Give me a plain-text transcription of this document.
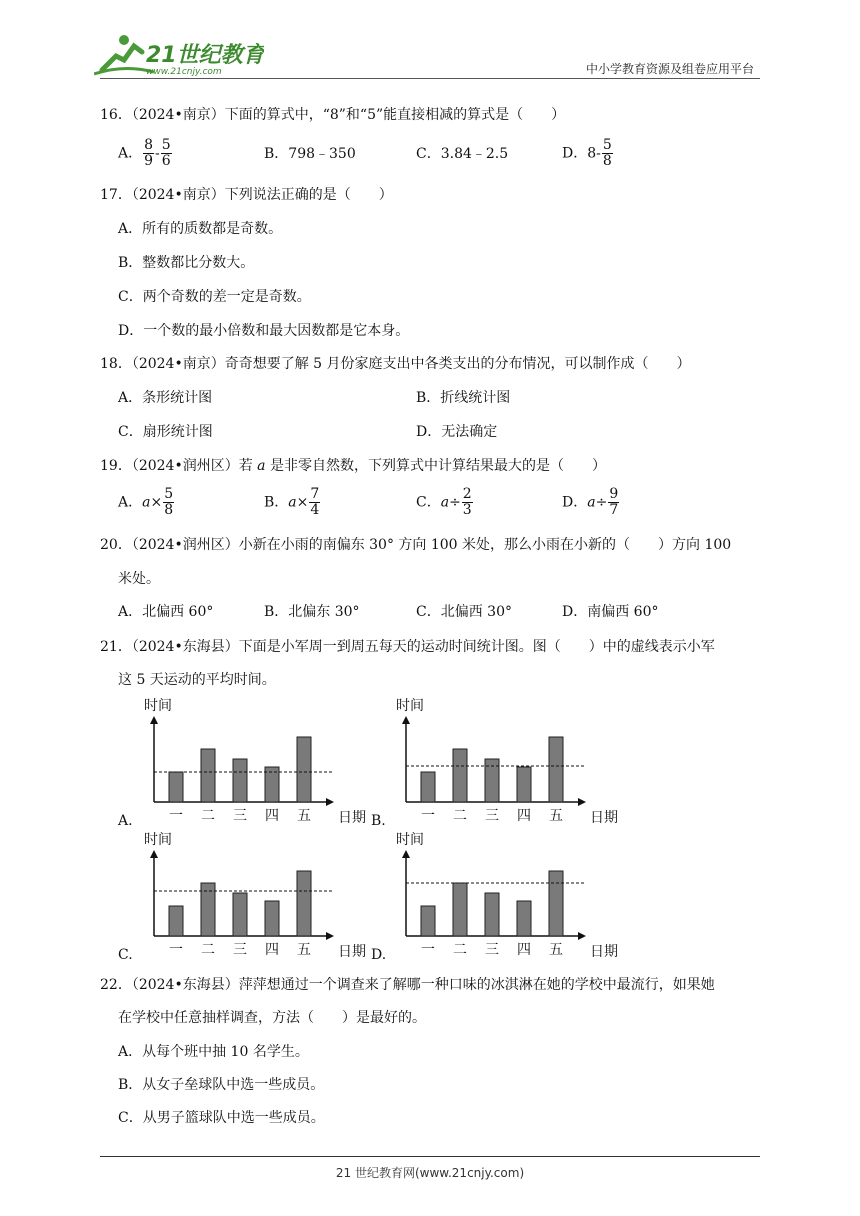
21世纪教育
www.21cnjy.com	中小学教育资源及组卷应用平台
16．（2024•南京）下面的算式中，“8”和“5”能直接相减的算式是（　　）
A． $\frac{8}{9} - \frac{5}{6}$	B．798﹣350	C．3.84﹣2.5	D．$8- \frac{5}{8}$
17．（2024•南京）下列说法正确的是（　　）
A．所有的质数都是奇数。
B．整数都比分数大。
C．两个奇数的差一定是奇数。
D．一个数的最小倍数和最大因数都是它本身。
18．（2024•南京）奇奇想要了解 5 月份家庭支出中各类支出的分布情况，可以制作成（　　）
A．条形统计图	B．折线统计图
C．扇形统计图	D．无法确定
19．（2024•润州区）若 a 是非零自然数，下列算式中计算结果最大的是（　　）
A．$a\times \frac{5}{8}$	B．$a\times \frac{7}{4}$	C．$a\div \frac{2}{3}$	D．$a\div \frac{9}{7}$
20．（2024•润州区）小新在小雨的南偏东 30° 方向 100 米处，那么小雨在小新的（　　）方向 100
米处。
A．北偏西 60°	B．北偏东 30°	C．北偏西 30°	D．南偏西 60°
21．（2024•东海县）下面是小军周一到周五每天的运动时间统计图。图（　　）中的虚线表示小军
这 5 天运动的平均时间。
时间
日期
一 二 三 四 五
A.
时间
日期
一 二 三 四 五
B.
时间
日期
一 二 三 四 五
C.
时间
日期
一 二 三 四 五
D.
22．（2024•东海县）萍萍想通过一个调查来了解哪一种口味的冰淇淋在她的学校中最流行，如果她
在学校中任意抽样调查，方法（　　）是最好的。
A．从每个班中抽 10 名学生。
B．从女子垒球队中选一些成员。
C．从男子篮球队中选一些成员。
21 世纪教育网(www.21cnjy.com)
